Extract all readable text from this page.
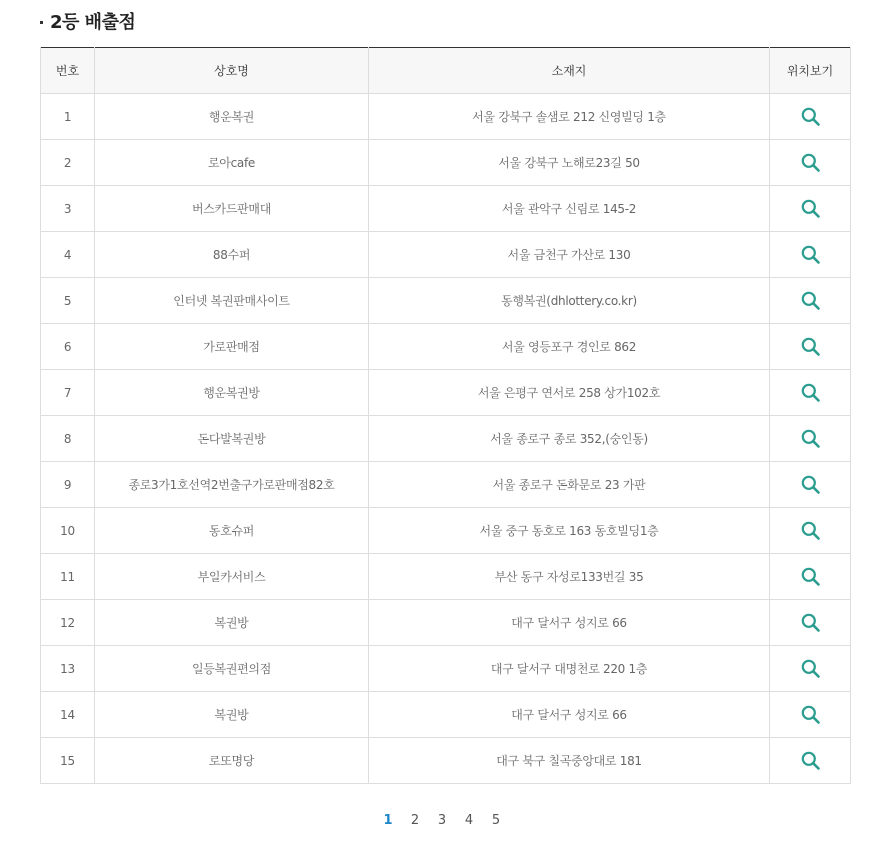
2등 배출점
번호	상호명	소재지	위치보기
1	행운복권	서울 강북구 솔샘로 212 신영빌딩 1층	

2	로아cafe	서울 강북구 노해로23길 50	

3	버스카드판매대	서울 관악구 신림로 145-2	

4	88수퍼	서울 금천구 가산로 130	

5	인터넷 복권판매사이트	동행복권(dhlottery.co.kr)	

6	가로판매점	서울 영등포구 경인로 862	

7	행운복권방	서울 은평구 연서로 258 상가102호	

8	돈다발복권방	서울 종로구 종로 352,(숭인동)	

9	종로3가1호선역2번출구가로판매점82호	서울 종로구 돈화문로 23 가판	

10	동호슈퍼	서울 중구 동호로 163 동호빌딩1층	

11	부일카서비스	부산 동구 자성로133번길 35	

12	복권방	대구 달서구 성지로 66	

13	일등복권편의점	대구 달서구 대명천로 220 1층	

14	복권방	대구 달서구 성지로 66	

15	로또명당	대구 북구 칠곡중앙대로 181	
1	2	3	4	5
